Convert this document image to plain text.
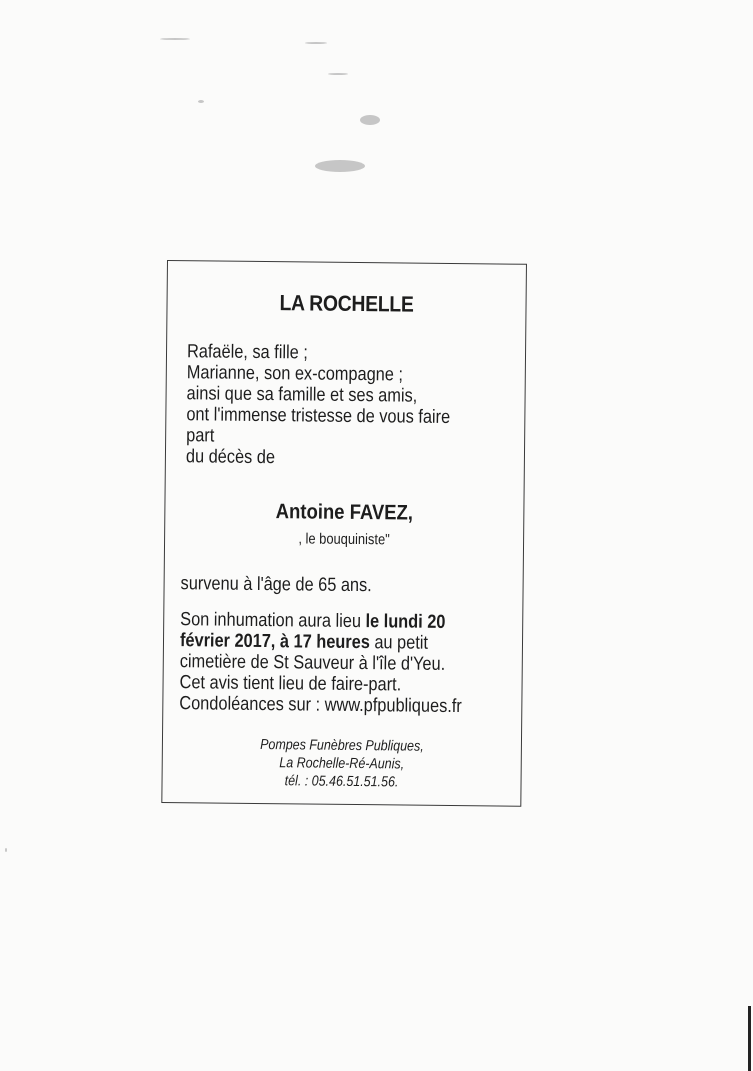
LA ROCHELLE
Rafaële, sa fille ;
Marianne, son ex-compagne ;
ainsi que sa famille et ses amis,
ont l'immense tristesse de vous faire
part
du décès de
Antoine FAVEZ,
, le bouquiniste"
survenu à l'âge de 65 ans.
Son inhumation aura lieu le lundi 20
février 2017, à 17 heures au petit
cimetière de St Sauveur à l'île d'Yeu.
Cet avis tient lieu de faire-part.
Condoléances sur : www.pfpubliques.fr
Pompes Funèbres Publiques,
La Rochelle-Ré-Aunis,
tél. : 05.46.51.51.56.
